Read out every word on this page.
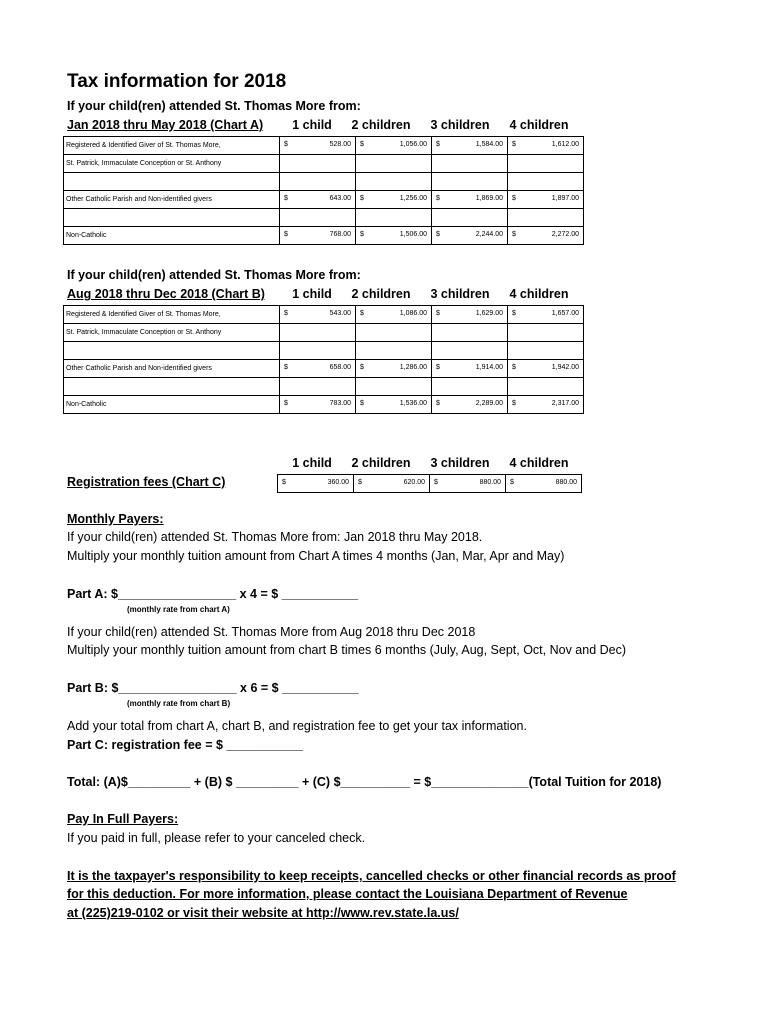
Tax information for 2018
If your child(ren) attended St. Thomas More from:
Jan 2018 thru May 2018 (Chart A)	1 child	2 children	3 children	4 children
Registered & Identified Giver of St. Thomas More,	$ 528.00	$ 1,056.00	$ 1,584.00	$ 1,612.00

St. Patrick, Immaculate Conception or St. Anthony				

Other Catholic Parish and Non-identified givers	$ 643.00	$ 1,256.00	$ 1,869.00	$ 1,897.00

Non-Catholic	$ 768.00	$ 1,506.00	$ 2,244.00	$ 2,272.00
If your child(ren) attended St. Thomas More from:
Aug 2018 thru Dec 2018 (Chart B)	1 child	2 children	3 children	4 children
Registered & Identified Giver of St. Thomas More,	$ 543.00	$ 1,086.00	$ 1,629.00	$ 1,657.00

St. Patrick, Immaculate Conception or St. Anthony				

Other Catholic Parish and Non-identified givers	$ 658.00	$ 1,286.00	$ 1,914.00	$ 1,942.00

Non-Catholic	$ 783.00	$ 1,536.00	$ 2,289.00	$ 2,317.00
1 child	2 children	3 children	4 children
Registration fees (Chart C)	$	360.00	$	620.00	$	880.00	$	880.00
Monthly Payers:
If your child(ren) attended St. Thomas More from: Jan 2018 thru May 2018.
Multiply your monthly tuition amount from Chart A times 4 months (Jan, Mar, Apr and May)
Part A: $_________________ x 4 = $ ___________
(monthly rate from chart A)
If your child(ren) attended St. Thomas More from Aug 2018 thru Dec 2018
Multiply your monthly tuition amount from chart B times 6 months (July, Aug, Sept, Oct, Nov and Dec)
Part B: $_________________ x 6 = $ ___________
(monthly rate from chart B)
Add your total from chart A, chart B, and registration fee to get your tax information.
Part C: registration fee = $ ___________
Total: (A)$_________ + (B) $ _________ + (C) $__________ = $______________(Total Tuition for 2018)
Pay In Full Payers:
If you paid in full, please refer to your canceled check.
It is the taxpayer's responsibility to keep receipts, cancelled checks or other financial records as proof
for this deduction. For more information, please contact the Louisiana Department of Revenue
at (225)219-0102 or visit their website at http://www.rev.state.la.us/
